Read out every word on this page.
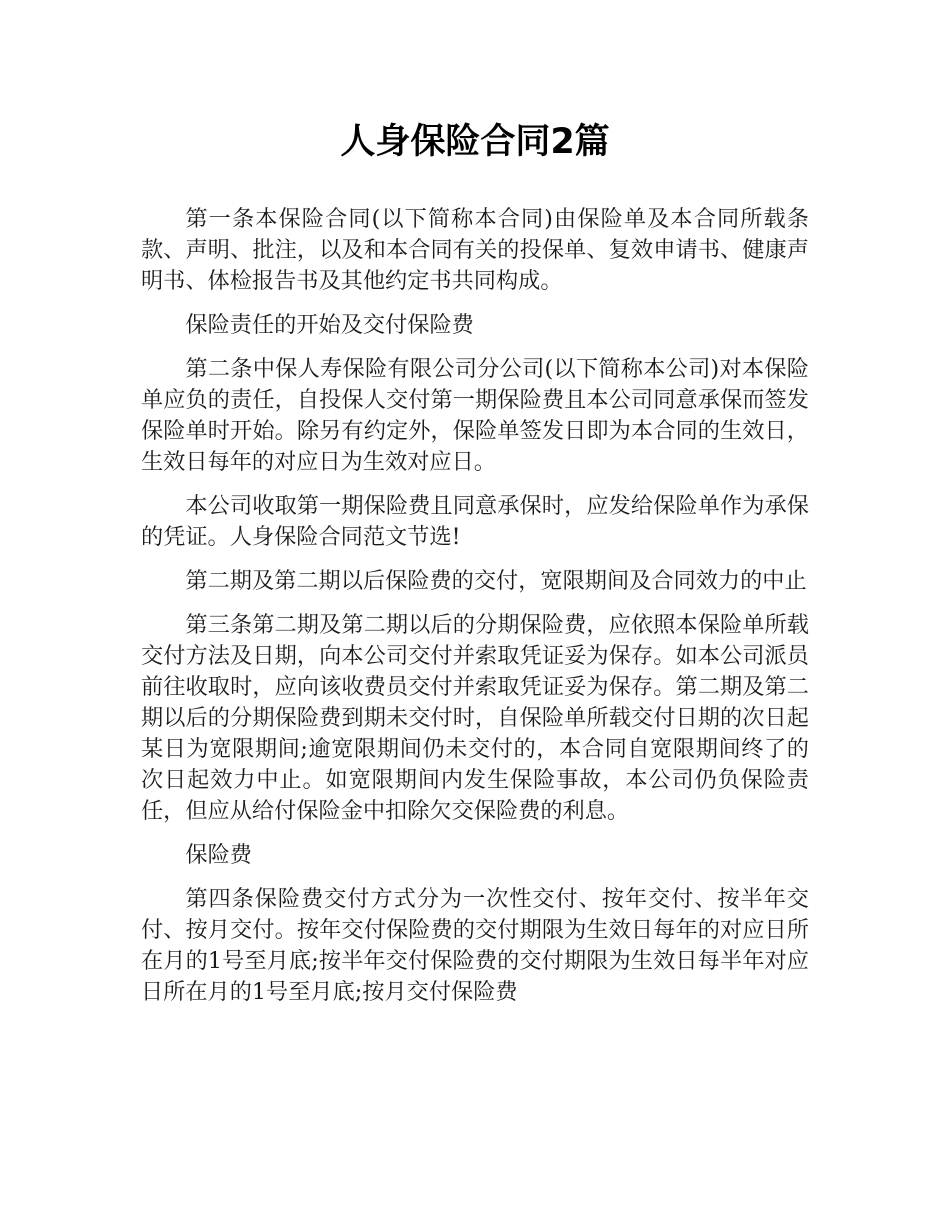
人身保险合同2篇

第一条本保险合同(以下简称本合同)由保险单及本合同所载条款、声明、批注，以及和本合同有关的投保单、复效申请书、健康声明书、体检报告书及其他约定书共同构成。

保险责任的开始及交付保险费

第二条中保人寿保险有限公司分公司(以下简称本公司)对本保险单应负的责任，自投保人交付第一期保险费且本公司同意承保而签发保险单时开始。除另有约定外，保险单签发日即为本合同的生效日，生效日每年的对应日为生效对应日。

本公司收取第一期保险费且同意承保时，应发给保险单作为承保的凭证。人身保险合同范文节选!

第二期及第二期以后保险费的交付，宽限期间及合同效力的中止

第三条第二期及第二期以后的分期保险费，应依照本保险单所载交付方法及日期，向本公司交付并索取凭证妥为保存。如本公司派员前往收取时，应向该收费员交付并索取凭证妥为保存。第二期及第二期以后的分期保险费到期未交付时，自保险单所载交付日期的次日起某日为宽限期间;逾宽限期间仍未交付的，本合同自宽限期间终了的次日起效力中止。如宽限期间内发生保险事故，本公司仍负保险责任，但应从给付保险金中扣除欠交保险费的利息。

保险费

第四条保险费交付方式分为一次性交付、按年交付、按半年交付、按月交付。按年交付保险费的交付期限为生效日每年的对应日所在月的1号至月底;按半年交付保险费的交付期限为生效日每半年对应日所在月的1号至月底;按月交付保险费
